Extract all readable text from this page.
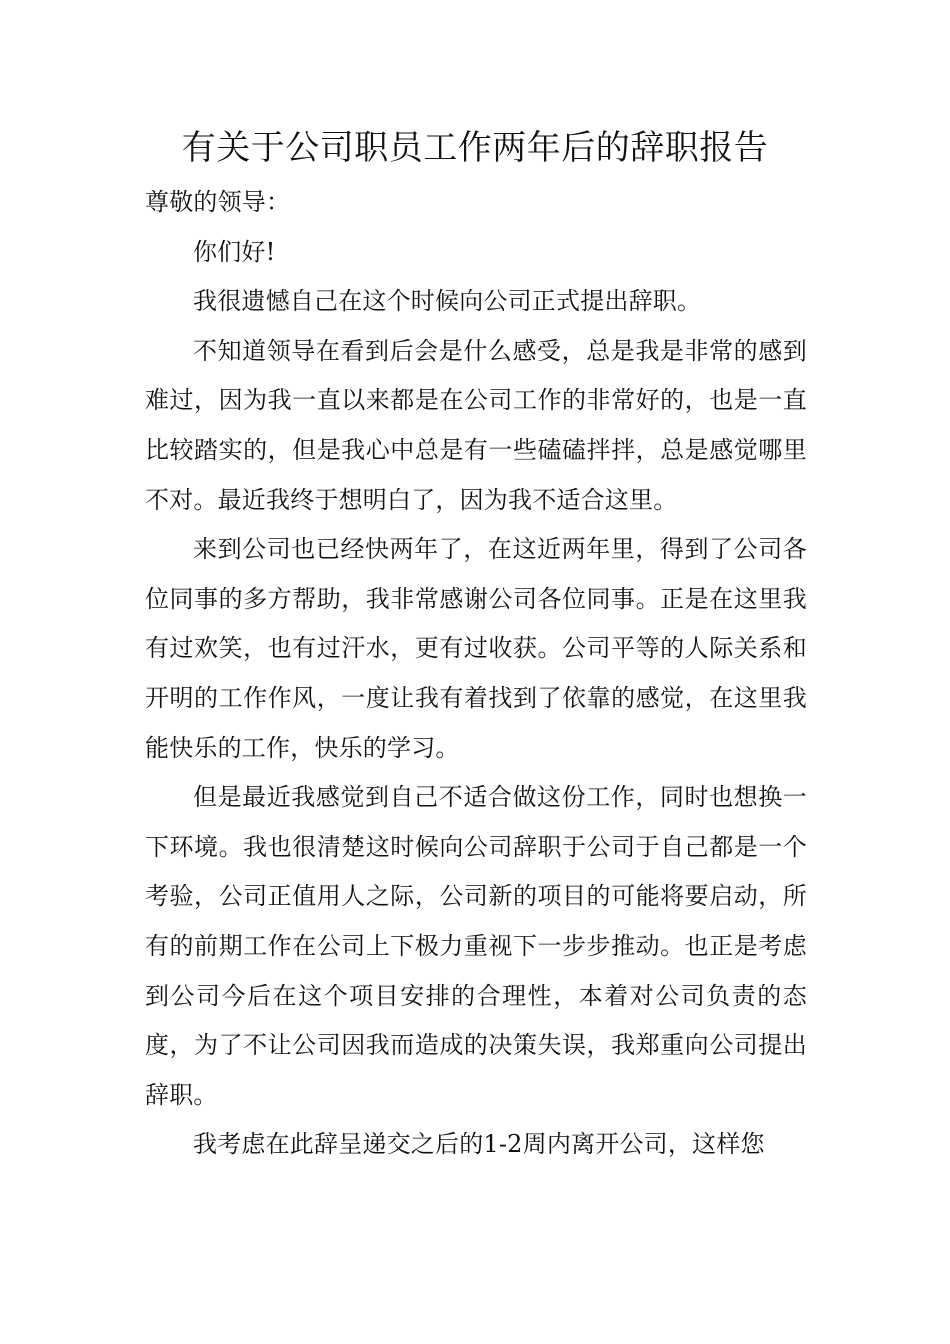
有关于公司职员工作两年后的辞职报告

尊敬的领导：

你们好!

我很遗憾自己在这个时候向公司正式提出辞职。

不知道领导在看到后会是什么感受，总是我是非常的感到难过，因为我一直以来都是在公司工作的非常好的，也是一直比较踏实的，但是我心中总是有一些磕磕拌拌，总是感觉哪里不对。最近我终于想明白了，因为我不适合这里。

来到公司也已经快两年了，在这近两年里，得到了公司各位同事的多方帮助，我非常感谢公司各位同事。正是在这里我有过欢笑，也有过汗水，更有过收获。公司平等的人际关系和开明的工作作风，一度让我有着找到了依靠的感觉，在这里我能快乐的工作，快乐的学习。

但是最近我感觉到自己不适合做这份工作，同时也想换一下环境。我也很清楚这时候向公司辞职于公司于自己都是一个考验，公司正值用人之际，公司新的项目的可能将要启动，所有的前期工作在公司上下极力重视下一步步推动。也正是考虑到公司今后在这个项目安排的合理性，本着对公司负责的态度，为了不让公司因我而造成的决策失误，我郑重向公司提出辞职。

我考虑在此辞呈递交之后的1-2周内离开公司，这样您
